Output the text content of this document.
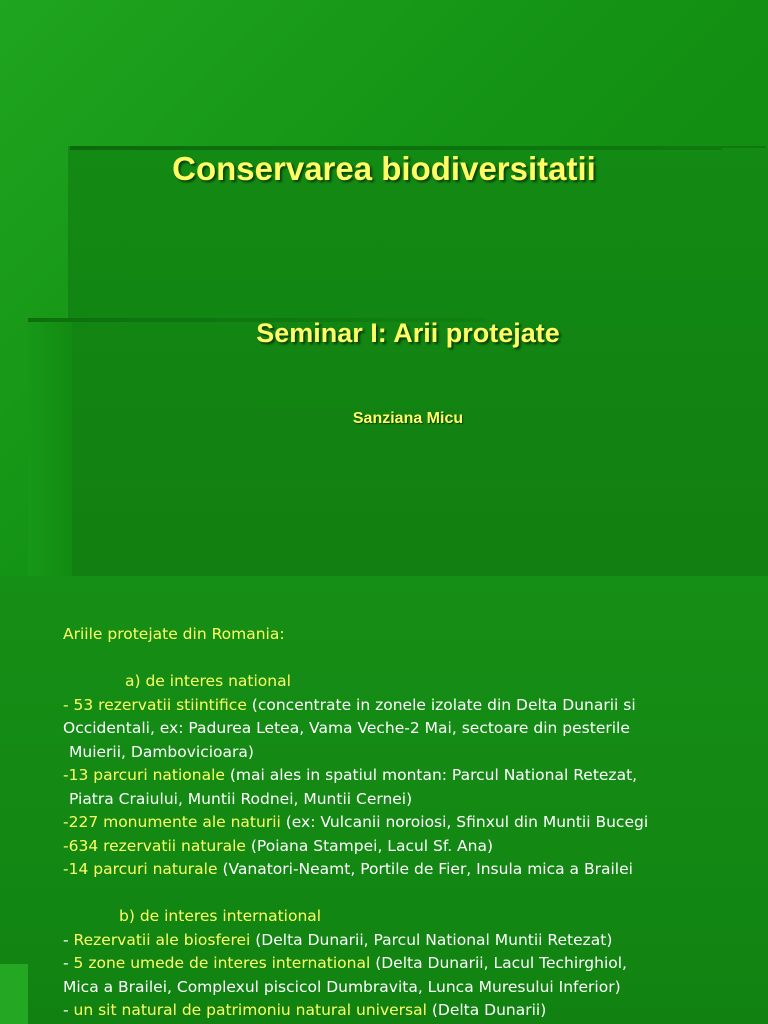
Conservarea biodiversitatii
Seminar I: Arii protejate
Sanziana Micu
Ariile protejate din Romania:
a) de interes national
- 53 rezervatii stiintifice (concentrate in zonele izolate din Delta Dunarii si
Occidentali, ex: Padurea Letea, Vama Veche-2 Mai, sectoare din pesterile
Muierii, Dambovicioara)
-13 parcuri nationale (mai ales in spatiul montan: Parcul National Retezat,
Piatra Craiului, Muntii Rodnei, Muntii Cernei)
-227 monumente ale naturii (ex: Vulcanii noroiosi, Sfinxul din Muntii Bucegi
-634 rezervatii naturale (Poiana Stampei, Lacul Sf. Ana)
-14 parcuri naturale (Vanatori-Neamt, Portile de Fier, Insula mica a Brailei
b) de interes international
- Rezervatii ale biosferei (Delta Dunarii, Parcul National Muntii Retezat)
- 5 zone umede de interes international (Delta Dunarii, Lacul Techirghiol,
Mica a Brailei, Complexul piscicol Dumbravita, Lunca Muresului Inferior)
- un sit natural de patrimoniu natural universal (Delta Dunarii)
